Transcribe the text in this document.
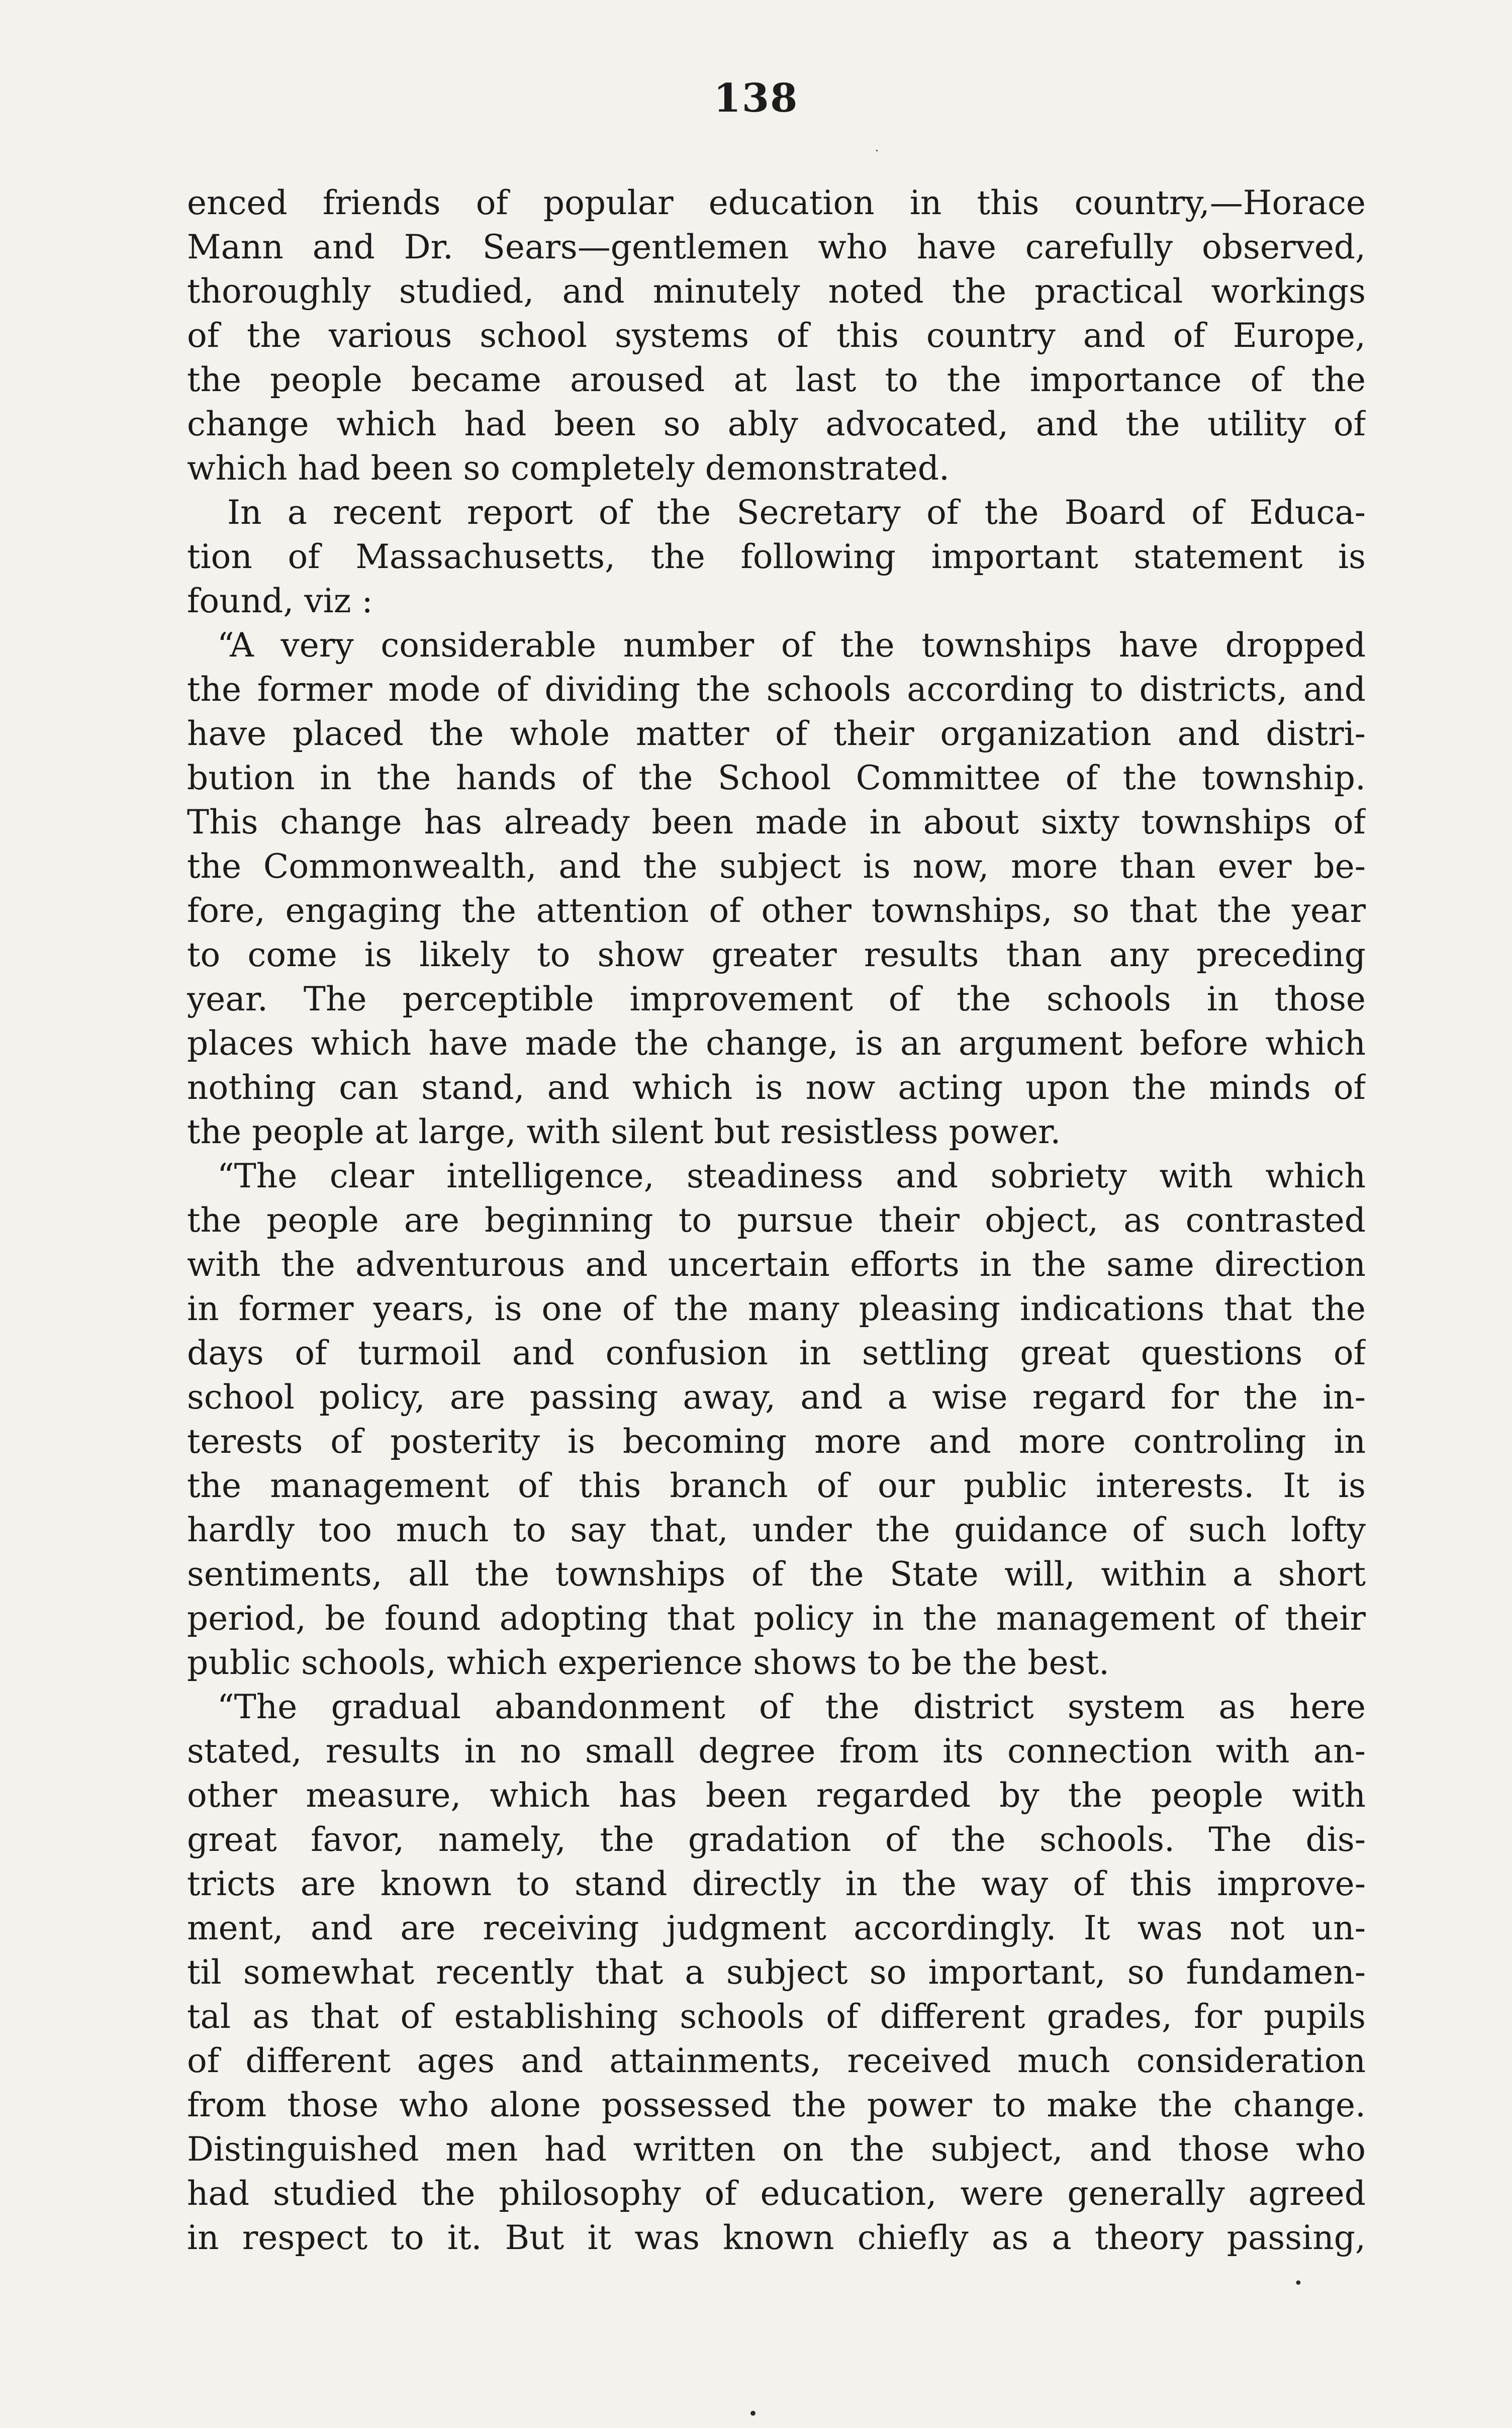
138
˙
•
•
enced friends of popular education in this country,—Horace
Mann and Dr. Sears—gentlemen who have carefully observed,
thoroughly studied, and minutely noted the practical workings
of the various school systems of this country and of Europe,
the people became aroused at last to the importance of the
change which had been so ably advocated, and the utility of
which had been so completely demonstrated.
In a recent report of the Secretary of the Board of Educa-
tion of Massachusetts, the following important statement is
found, viz :
“A very considerable number of the townships have dropped
the former mode of dividing the schools according to districts, and
have placed the whole matter of their organization and distri-
bution in the hands of the School Committee of the township.
This change has already been made in about sixty townships of
the Commonwealth, and the subject is now, more than ever be-
fore, engaging the attention of other townships, so that the year
to come is likely to show greater results than any preceding
year. The perceptible improvement of the schools in those
places which have made the change, is an argument before which
nothing can stand, and which is now acting upon the minds of
the people at large, with silent but resistless power.
“The clear intelligence, steadiness and sobriety with which
the people are beginning to pursue their object, as contrasted
with the adventurous and uncertain efforts in the same direction
in former years, is one of the many pleasing indications that the
days of turmoil and confusion in settling great questions of
school policy, are passing away, and a wise regard for the in-
terests of posterity is becoming more and more controling in
the management of this branch of our public interests. It is
hardly too much to say that, under the guidance of such lofty
sentiments, all the townships of the State will, within a short
period, be found adopting that policy in the management of their
public schools, which experience shows to be the best.
“The gradual abandonment of the district system as here
stated, results in no small degree from its connection with an-
other measure, which has been regarded by the people with
great favor, namely, the gradation of the schools. The dis-
tricts are known to stand directly in the way of this improve-
ment, and are receiving judgment accordingly. It was not un-
til somewhat recently that a subject so important, so fundamen-
tal as that of establishing schools of different grades, for pupils
of different ages and attainments, received much consideration
from those who alone possessed the power to make the change.
Distinguished men had written on the subject, and those who
had studied the philosophy of education, were generally agreed
in respect to it. But it was known chiefly as a theory passing,
